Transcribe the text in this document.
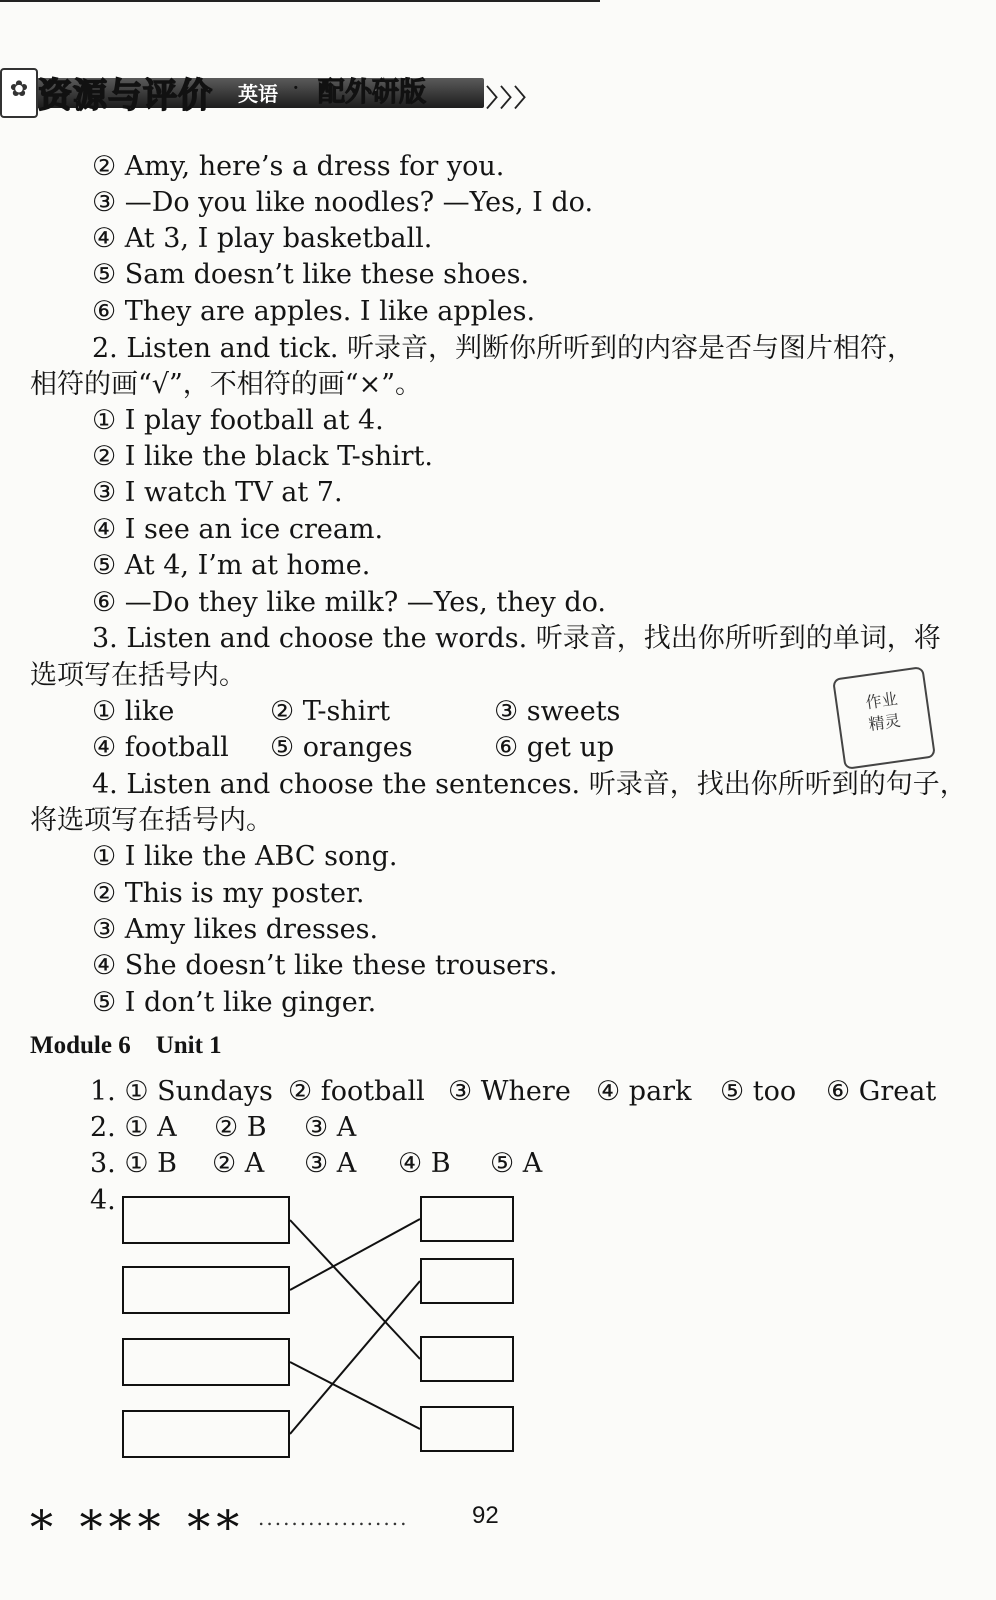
✿ 资源与评价 英语 · 配外研版	〉〉〉
② Amy, here’s a dress for you.
③ —Do you like noodles? —Yes, I do.
④ At 3, I play basketball.
⑤ Sam doesn’t like these shoes.
⑥ They are apples. I like apples.
2. Listen and tick. 听录音，判断你所听到的内容是否与图片相符，
相符的画“√”，不相符的画“×”。
① I play football at 4.
② I like the black T-shirt.
③ I watch TV at 7.
④ I see an ice cream.
⑤ At 4, I’m at home.
⑥ —Do they like milk? —Yes, they do.
3. Listen and choose the words. 听录音，找出你所听到的单词，将
选项写在括号内。
① like	② T-shirt	③ sweets
④ football ⑤ oranges	⑥ get up
作业
精灵
4. Listen and choose the sentences. 听录音，找出你所听到的句子，
将选项写在括号内。
① I like the ABC song.
② This is my poster.
③ Amy likes dresses.
④ She doesn’t like these trousers.
⑤ I don’t like ginger.
Module 6    Unit 1
1. ① Sundays ② football ③ Where ④ park ⑤ too ⑥ Great
2. ① A ② B ③ A
3. ① B ② A ③ A ④ B ⑤ A
4.
* *** ** ..................	92
